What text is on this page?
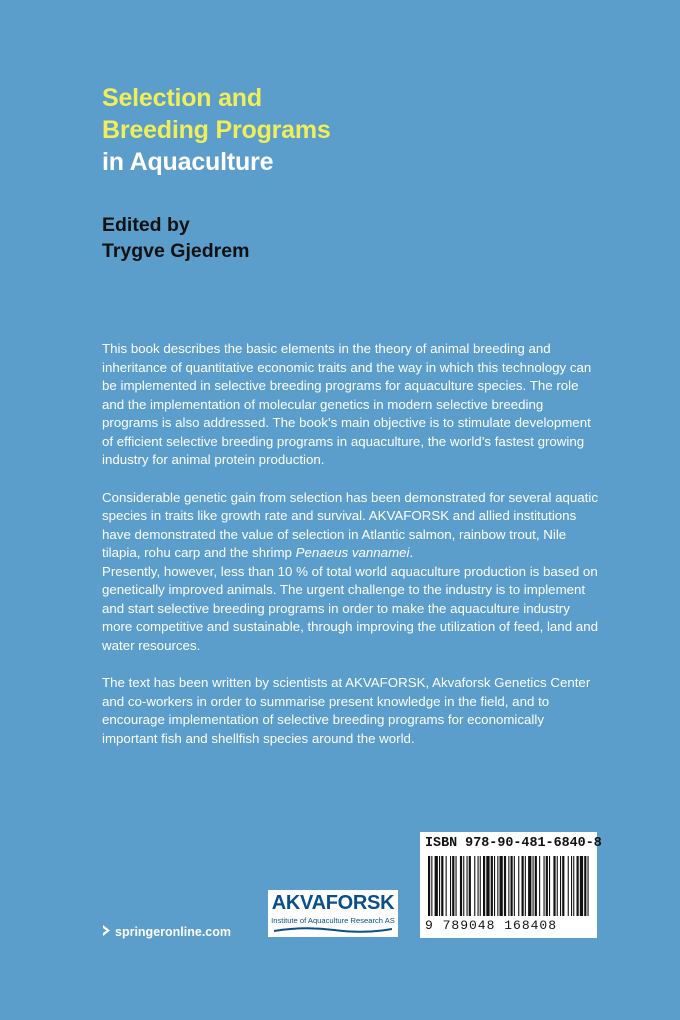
Selection and
Breeding Programs
in Aquaculture
Edited by
Trygve Gjedrem

This book describes the basic elements in the theory of animal breeding and inheritance of quantitative economic traits and the way in which this technology can be implemented in selective breeding programs for aquaculture species. The role and the implementation of molecular genetics in modern selective breeding programs is also addressed. The book’s main objective is to stimulate development of efficient selective breeding programs in aquaculture, the world’s fastest growing industry for animal protein production.

Considerable genetic gain from selection has been demonstrated for several aquatic species in traits like growth rate and survival. AKVAFORSK and allied institutions have demonstrated the value of selection in Atlantic salmon, rainbow trout, Nile tilapia, rohu carp and the shrimp Penaeus vannamei.
Presently, however, less than 10 % of total world aquaculture production is based on genetically improved animals. The urgent challenge to the industry is to implement and start selective breeding programs in order to make the aquaculture industry more competitive and sustainable, through improving the utilization of feed, land and water resources.

The text has been written by scientists at AKVAFORSK, Akvaforsk Genetics Center and co-workers in order to summarise present knowledge in the field, and to encourage implementation of selective breeding programs for economically important fish and shellfish species around the world.

AKVAFORSK
Institute of Aquaculture Research AS
ISBN 978-90-481-6840-8
9 789048 168408
springeronline.com
